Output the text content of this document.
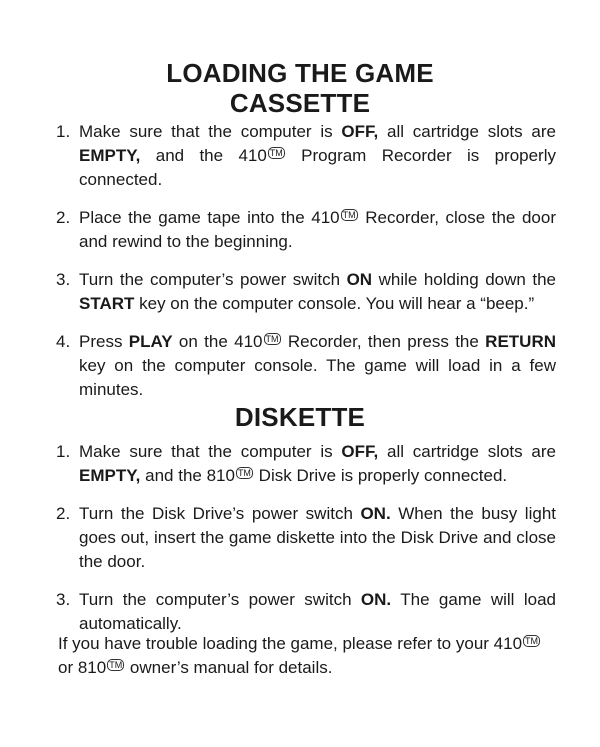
LOADING THE GAME
CASSETTE
1. Make sure that the computer is OFF, all cartridge slots are EMPTY, and the 410 ™ Program Recorder is properly connected.
2. Place the game tape into the 410 ™ Recorder, close the door and rewind to the beginning.
3. Turn the computer’s power switch ON while holding down the START key on the computer console. You will hear a “beep.”
4. Press PLAY on the 410 ™ Recorder, then press the RETURN key on the computer console. The game will load in a few minutes.
DISKETTE
1. Make sure that the computer is OFF, all cartridge slots are EMPTY, and the 810 ™ Disk Drive is properly connected.
2. Turn the Disk Drive’s power switch ON. When the busy light goes out, insert the game diskette into the Disk Drive and close the door.
3. Turn the computer’s power switch ON. The game will load automatically.

If you have trouble loading the game, please refer to your 410 ™
or 810 ™ owner’s manual for details.
